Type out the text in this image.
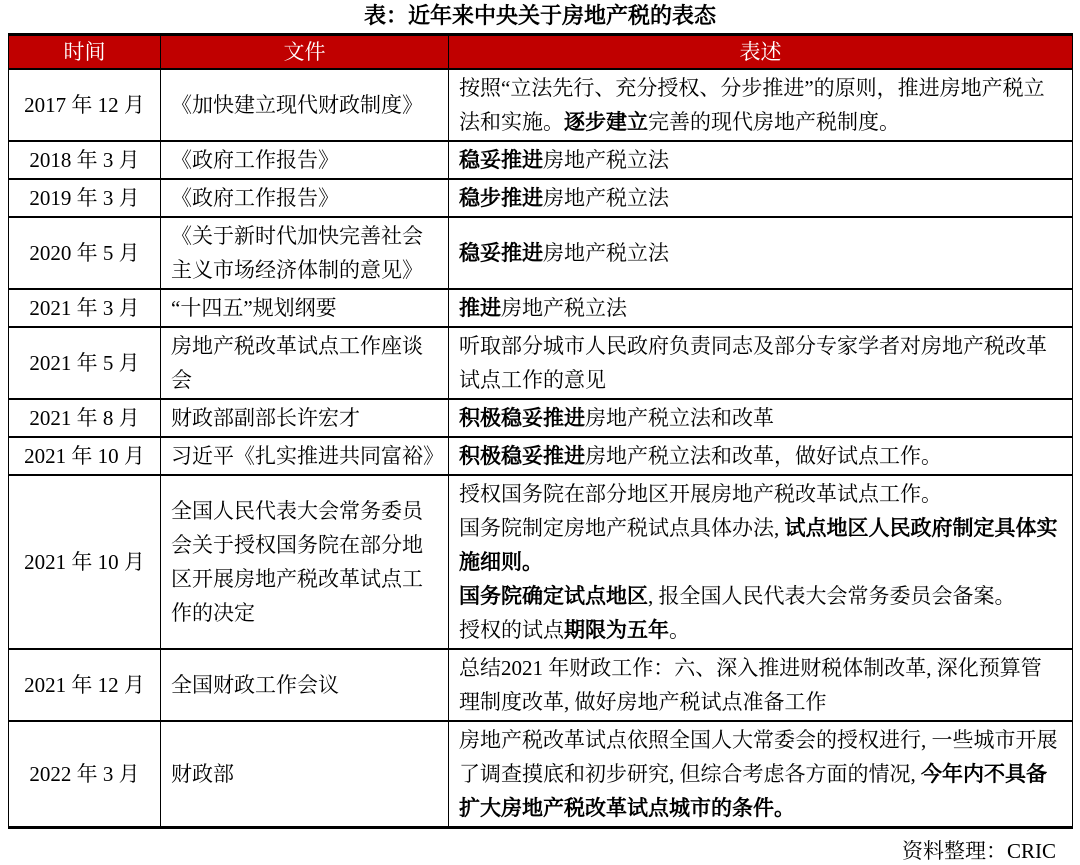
表：近年来中央关于房地产税的表态
时间	文件	表述
2017 年 12 月	《加快建立现代财政制度》	按照“立法先行、充分授权、分步推进”的原则，推进房地产税立法和实施。逐步建立完善的现代房地产税制度。

2018 年 3 月	《政府工作报告》	稳妥推进房地产税立法

2019 年 3 月	《政府工作报告》	稳步推进房地产税立法

2020 年 5 月	《关于新时代加快完善社会主义市场经济体制的意见》	稳妥推进房地产税立法

2021 年 3 月	“十四五”规划纲要	推进房地产税立法

2021 年 5 月	房地产税改革试点工作座谈会	听取部分城市人民政府负责同志及部分专家学者对房地产税改革试点工作的意见

2021 年 8 月	财政部副部长许宏才	积极稳妥推进房地产税立法和改革

2021 年 10 月	习近平《扎实推进共同富裕》	积极稳妥推进房地产税立法和改革，做好试点工作。

2021 年 10 月	全国人民代表大会常务委员会关于授权国务院在部分地区开展房地产税改革试点工作的决定	授权国务院在部分地区开展房地产税改革试点工作。

国务院制定房地产税试点具体办法, 试点地区人民政府制定具体实施细则。

国务院确定试点地区, 报全国人民代表大会常务委员会备案。

授权的试点期限为五年。

2021 年 12 月	全国财政工作会议	总结2021 年财政工作：六、深入推进财税体制改革, 深化预算管理制度改革, 做好房地产税试点准备工作

2022 年 3 月	财政部	房地产税改革试点依照全国人大常委会的授权进行, 一些城市开展了调查摸底和初步研究, 但综合考虑各方面的情况, 今年内不具备扩大房地产税改革试点城市的条件。

资料整理：CRIC
